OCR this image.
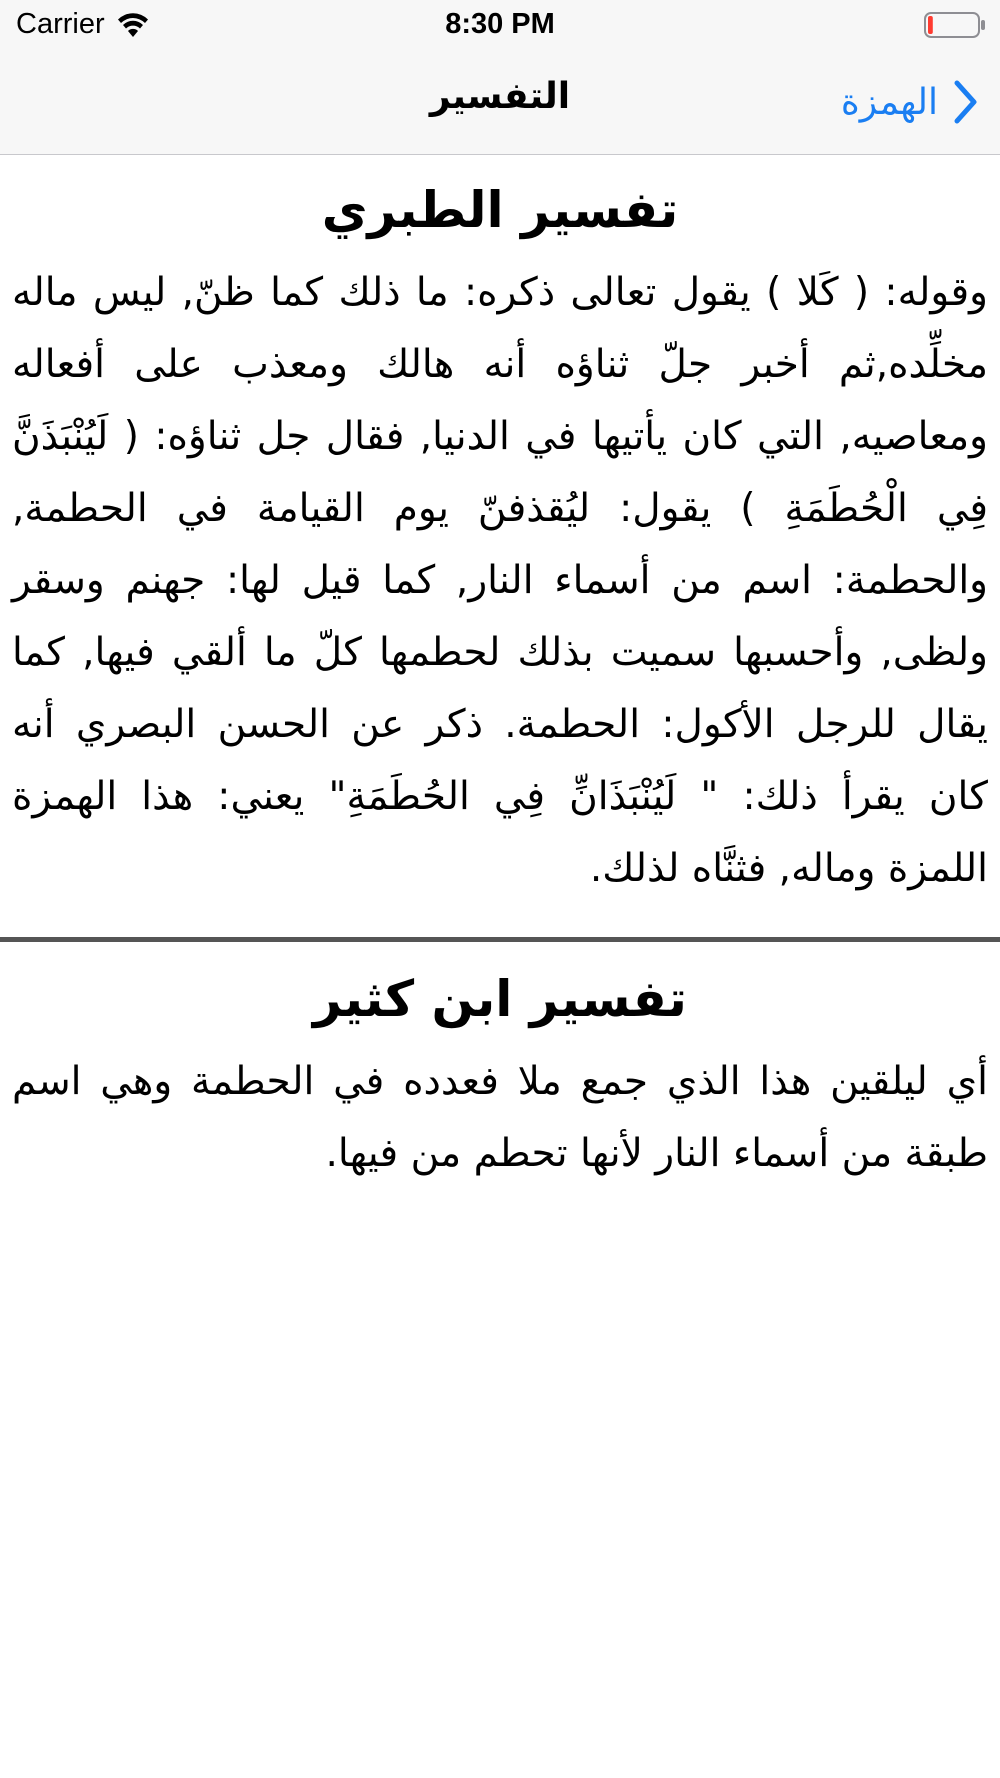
Carrier	8:30 PM
التفسير	الهمزة
تفسير الطبري

وقوله: ( كَلا ) يقول تعالى ذكره: ما ذلك كما ظنّ, ليس ماله مخلِّده,ثم أخبر جلّ ثناؤه أنه هالك ومعذب على أفعاله ومعاصيه, التي كان يأتيها في الدنيا, فقال جل ثناؤه: ( لَيُنْبَذَنَّ فِي الْحُطَمَةِ ) يقول: ليُقذفنّ يوم القيامة في الحطمة, والحطمة: اسم من أسماء النار, كما قيل لها: جهنم وسقر ولظى, وأحسبها سميت بذلك لحطمها كلّ ما ألقي فيها, كما يقال للرجل الأكول: الحطمة. ذكر عن الحسن البصري أنه كان يقرأ ذلك: " لَيُنْبَذَانِّ فِي الحُطَمَةِ" يعني: هذا الهمزة اللمزة وماله, فثنَّاه لذلك.

تفسير ابن كثير

أي ليلقين هذا الذي جمع ملا فعدده في الحطمة وهي اسم طبقة من أسماء النار لأنها تحطم من فيها.
